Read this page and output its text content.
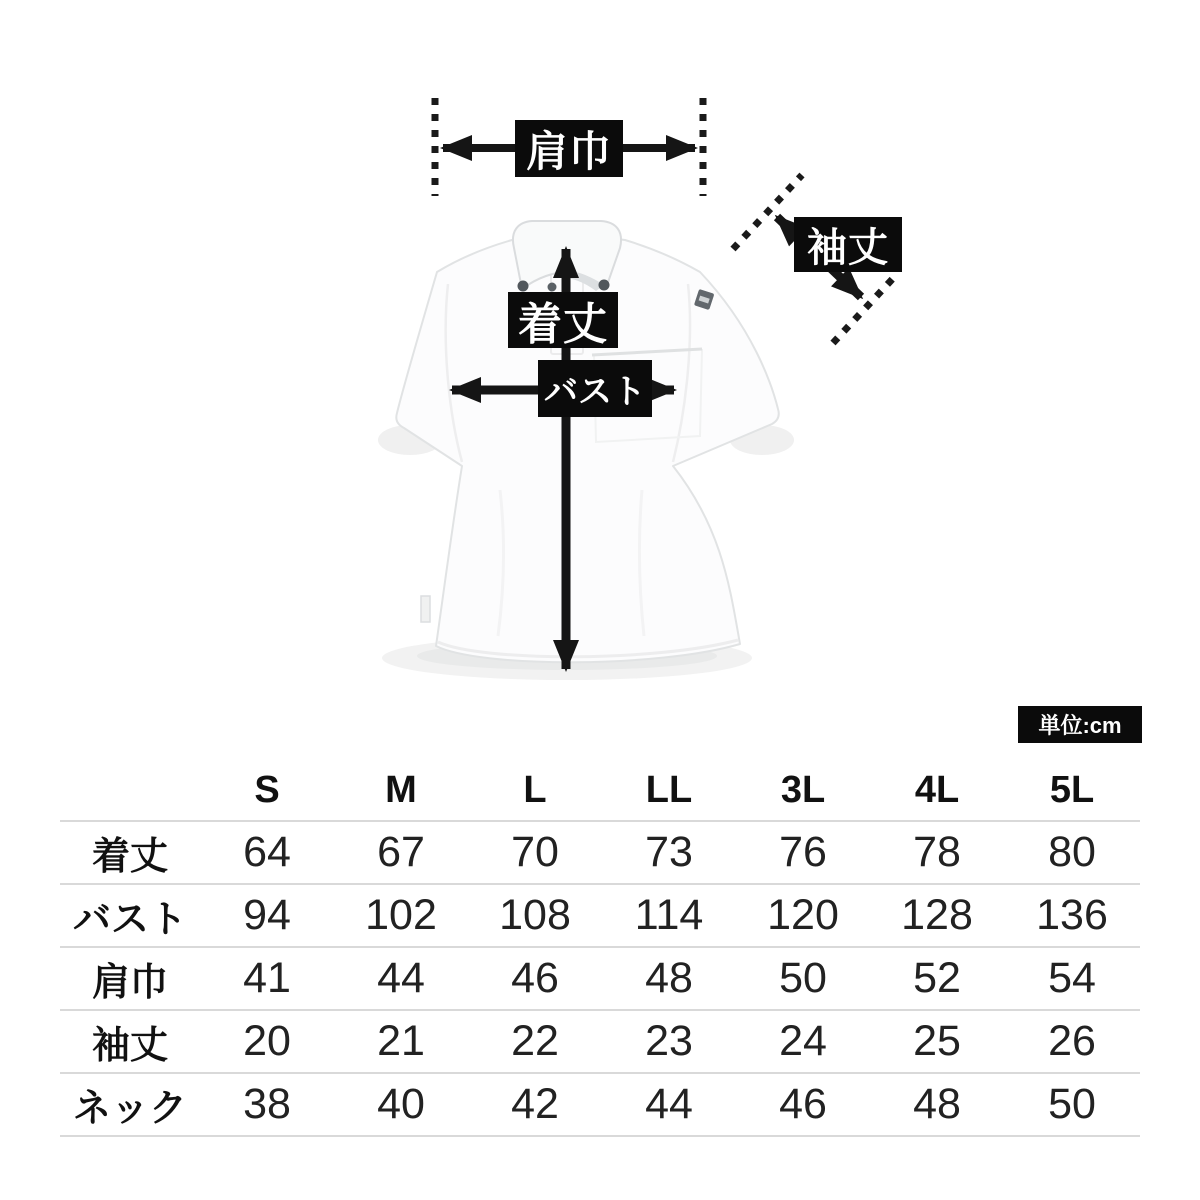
肩巾
袖丈
着丈
バスト
単位:cm
	S	M	L	LL	3L	4L	5L
着丈	64	67	70	73	76	78	80
バスト	94	102	108	114	120	128	136
肩巾	41	44	46	48	50	52	54
袖丈	20	21	22	23	24	25	26
ネック	38	40	42	44	46	48	50
